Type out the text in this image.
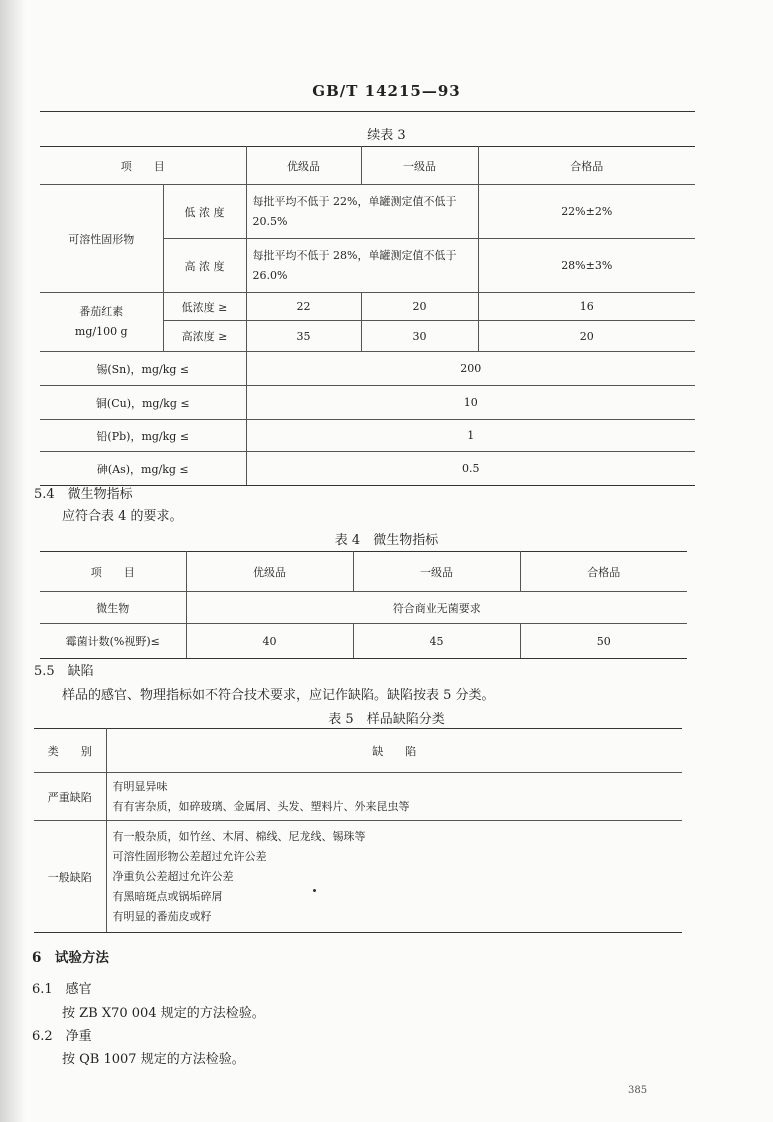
GB/T 14215—93
续表 3
项　　目		优级品	一级品	合格品
可溶性固形物	低 浓 度	每批平均不低于 22%，单罐测定值不低于 20.5%		22%±2%
	高 浓 度	每批平均不低于 28%，单罐测定值不低于 26.0%		28%±3%
番茄红素
mg/100 g	低浓度 ≥	22	20	16
	高浓度 ≥	35	30	20
锡(Sn)，mg/kg ≤		200		
铜(Cu)，mg/kg ≤		10		
铅(Pb)，mg/kg ≤		1		
砷(As)，mg/kg ≤		0.5		
5.4　微生物指标
应符合表 4 的要求。
表 4　微生物指标
项　　目	优级品	一级品	合格品
微生物	符合商业无菌要求		
霉菌计数(%视野)≤	40	45	50
5.5　缺陷
样品的感官、物理指标如不符合技术要求，应记作缺陷。缺陷按表 5 分类。
表 5　样品缺陷分类
类　　别	缺　　陷
严重缺陷	有明显异味
有有害杂质，如碎玻璃、金属屑、头发、塑料片、外来昆虫等

一般缺陷	有一般杂质，如竹丝、木屑、棉线、尼龙线、锡珠等
可溶性固形物公差超过允许公差
净重负公差超过允许公差
有黑暗斑点或锅垢碎屑
有明显的番茄皮或籽
6　试验方法
6.1　感官
按 ZB X70 004 规定的方法检验。
6.2　净重
按 QB 1007 规定的方法检验。
385
